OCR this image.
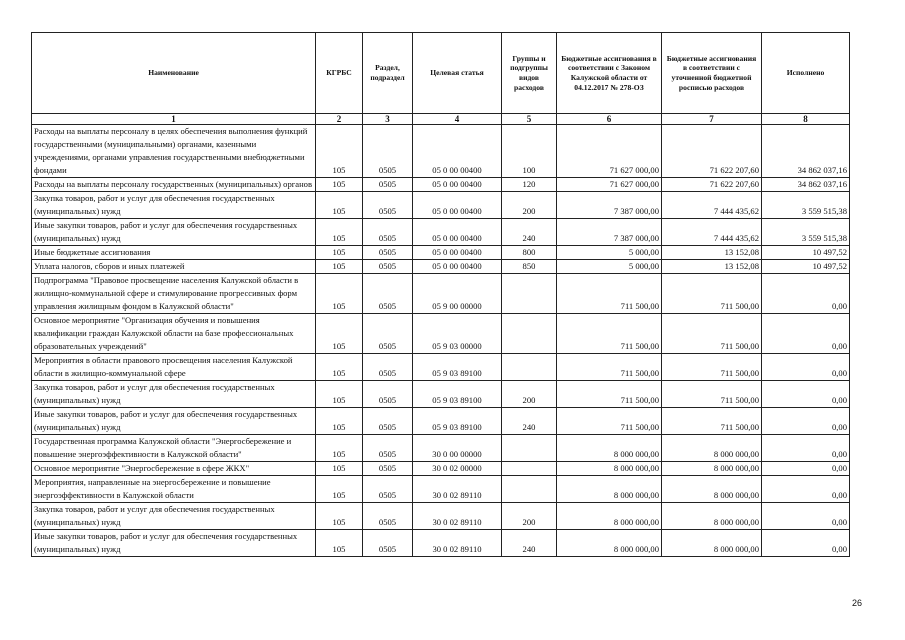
Наименование	КГРБС	Раздел, подраздел	Целевая статья	Группы и подгруппы видов расходов	Бюджетные ассигнования в соответствии с Законом Калужской области от 04.12.2017 № 278-ОЗ	Бюджетные ассигнования в соответствии с уточненной бюджетной росписью расходов	Исполнено
1	2	3	4	5	6	7	8
Расходы на выплаты персоналу в целях обеспечения выполнения функций государственными (муниципальными) органами, казенными учреждениями, органами управления государственными внебюджетными фондами	105	0505	05 0 00 00400	100	71 627 000,00	71 622 207,60	34 862 037,16
Расходы на выплаты персоналу государственных (муниципальных) органов	105	0505	05 0 00 00400	120	71 627 000,00	71 622 207,60	34 862 037,16
Закупка товаров, работ и услуг для обеспечения государственных (муниципальных) нужд	105	0505	05 0 00 00400	200	7 387 000,00	7 444 435,62	3 559 515,38
Иные закупки товаров, работ и услуг для обеспечения государственных (муниципальных) нужд	105	0505	05 0 00 00400	240	7 387 000,00	7 444 435,62	3 559 515,38
Иные бюджетные ассигнования	105	0505	05 0 00 00400	800	5 000,00	13 152,08	10 497,52
Уплата налогов, сборов и иных платежей	105	0505	05 0 00 00400	850	5 000,00	13 152,08	10 497,52
Подпрограмма "Правовое просвещение населения Калужской области в жилищно-коммунальной сфере и стимулирование прогрессивных форм управления жилищным фондом в Калужской области"	105	0505	05 9 00 00000		711 500,00	711 500,00	0,00
Основное мероприятие "Организация обучения и повышения квалификации граждан Калужской области на базе профессиональных образовательных учреждений"	105	0505	05 9 03 00000		711 500,00	711 500,00	0,00
Мероприятия в области правового просвещения населения Калужской области в жилищно-коммунальной сфере	105	0505	05 9 03 89100		711 500,00	711 500,00	0,00
Закупка товаров, работ и услуг для обеспечения государственных (муниципальных) нужд	105	0505	05 9 03 89100	200	711 500,00	711 500,00	0,00
Иные закупки товаров, работ и услуг для обеспечения государственных (муниципальных) нужд	105	0505	05 9 03 89100	240	711 500,00	711 500,00	0,00
Государственная программа Калужской области "Энергосбережение и повышение энергоэффективности в Калужской области"	105	0505	30 0 00 00000		8 000 000,00	8 000 000,00	0,00
Основное мероприятие "Энергосбережение в сфере ЖКХ"	105	0505	30 0 02 00000		8 000 000,00	8 000 000,00	0,00
Мероприятия, направленные на энергосбережение и повышение энергоэффективности в Калужской области	105	0505	30 0 02 89110		8 000 000,00	8 000 000,00	0,00
Закупка товаров, работ и услуг для обеспечения государственных (муниципальных) нужд	105	0505	30 0 02 89110	200	8 000 000,00	8 000 000,00	0,00
Иные закупки товаров, работ и услуг для обеспечения государственных (муниципальных) нужд	105	0505	30 0 02 89110	240	8 000 000,00	8 000 000,00	0,00
26
